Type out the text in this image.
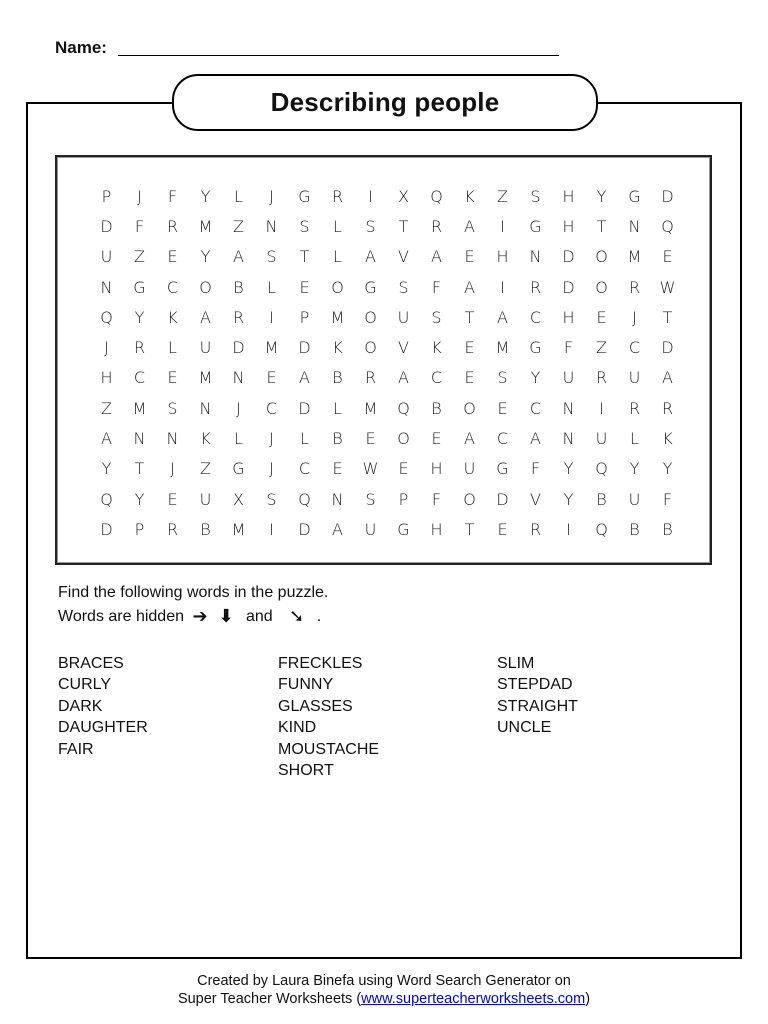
Name:
Describing people
P	J	F	Y	L	J	G	R	I	X	Q	K	Z	S	H	Y	G	D
D	F	R	M	Z	N	S	L	S	T	R	A	I	G	H	T	N	Q
U	Z	E	Y	A	S	T	L	A	V	A	E	H	N	D	O	M	E
N	G	C	O	B	L	E	O	G	S	F	A	I	R	D	O	R	W
Q	Y	K	A	R	I	P	M	O	U	S	T	A	C	H	E	J	T
J	R	L	U	D	M	D	K	O	V	K	E	M	G	F	Z	C	D
H	C	E	M	N	E	A	B	R	A	C	E	S	Y	U	R	U	A
Z	M	S	N	J	C	D	L	M	Q	B	O	E	C	N	I	R	R
A	N	N	K	L	J	L	B	E	O	E	A	C	A	N	U	L	K
Y	T	J	Z	G	J	C	E	W	E	H	U	G	F	Y	Q	Y	Y
Q	Y	E	U	X	S	Q	N	S	P	F	O	D	V	Y	B	U	F
D	P	R	B	M	I	D	A	U	G	H	T	E	R	I	Q	B	B
Find the following words in the puzzle.
Words are hidden ➔ ⬇ and ➘ .
BRACES
CURLY
DARK
DAUGHTER
FAIR
FRECKLES
FUNNY
GLASSES
KIND
MOUSTACHE
SHORT
SLIM
STEPDAD
STRAIGHT
UNCLE
Created by Laura Binefa using Word Search Generator on
Super Teacher Worksheets (www.superteacherworksheets.com)
